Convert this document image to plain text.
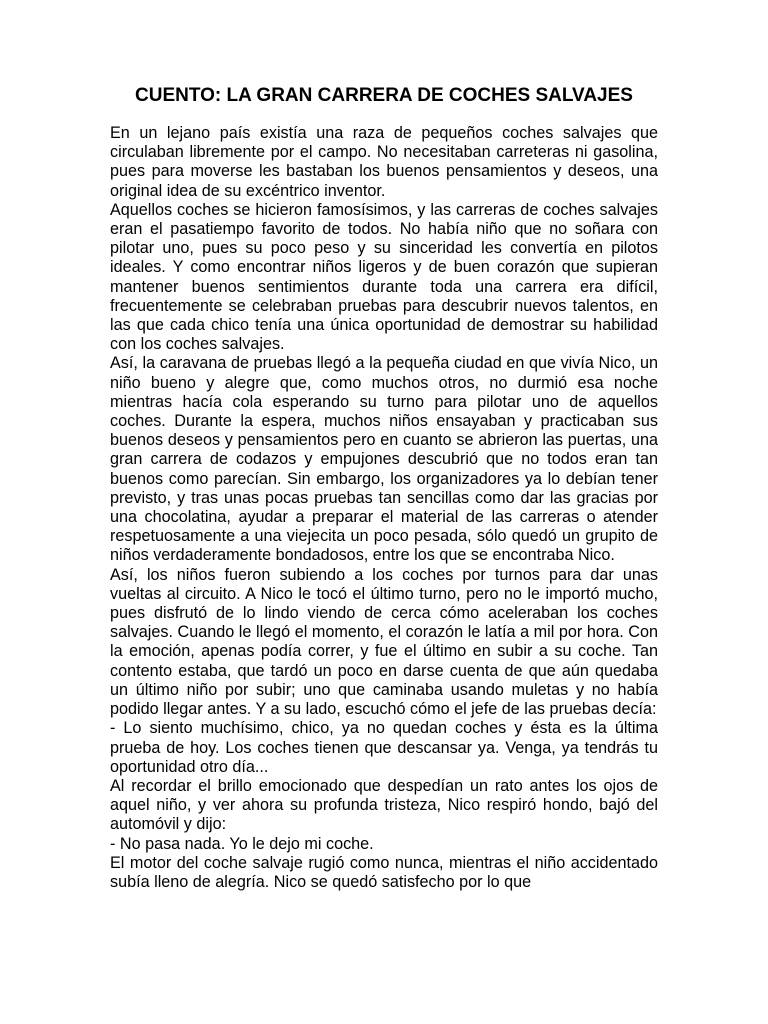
CUENTO: LA GRAN CARRERA DE COCHES SALVAJES

En un lejano país existía una raza de pequeños coches salvajes que circulaban libremente por el campo. No necesitaban carreteras ni gasolina, pues para moverse les bastaban los buenos pensamientos y deseos, una original idea de su excéntrico inventor.

Aquellos coches se hicieron famosísimos, y las carreras de coches salvajes eran el pasatiempo favorito de todos. No había niño que no soñara con pilotar uno, pues su poco peso y su sinceridad les convertía en pilotos ideales. Y como encontrar niños ligeros y de buen corazón que supieran mantener buenos sentimientos durante toda una carrera era difícil, frecuentemente se celebraban pruebas para descubrir nuevos talentos, en las que cada chico tenía una única oportunidad de demostrar su habilidad con los coches salvajes.

Así, la caravana de pruebas llegó a la pequeña ciudad en que vivía Nico, un niño bueno y alegre que, como muchos otros, no durmió esa noche mientras hacía cola esperando su turno para pilotar uno de aquellos coches. Durante la espera, muchos niños ensayaban y practicaban sus buenos deseos y pensamientos pero en cuanto se abrieron las puertas, una gran carrera de codazos y empujones descubrió que no todos eran tan buenos como parecían. Sin embargo, los organizadores ya lo debían tener previsto, y tras unas pocas pruebas tan sencillas como dar las gracias por una chocolatina, ayudar a preparar el material de las carreras o atender respetuosamente a una viejecita un poco pesada, sólo quedó un grupito de niños verdaderamente bondadosos, entre los que se encontraba Nico.

Así, los niños fueron subiendo a los coches por turnos para dar unas vueltas al circuito. A Nico le tocó el último turno, pero no le importó mucho, pues disfrutó de lo lindo viendo de cerca cómo aceleraban los coches salvajes. Cuando le llegó el momento, el corazón le latía a mil por hora. Con la emoción, apenas podía correr, y fue el último en subir a su coche. Tan contento estaba, que tardó un poco en darse cuenta de que aún quedaba un último niño por subir; uno que caminaba usando muletas y no había podido llegar antes. Y a su lado, escuchó cómo el jefe de las pruebas decía:

- Lo siento muchísimo, chico, ya no quedan coches y ésta es la última prueba de hoy. Los coches tienen que descansar ya. Venga, ya tendrás tu oportunidad otro día...

Al recordar el brillo emocionado que despedían un rato antes los ojos de aquel niño, y ver ahora su profunda tristeza, Nico respiró hondo, bajó del automóvil y dijo:

- No pasa nada. Yo le dejo mi coche.

El motor del coche salvaje rugió como nunca, mientras el niño accidentado subía lleno de alegría. Nico se quedó satisfecho por lo que
